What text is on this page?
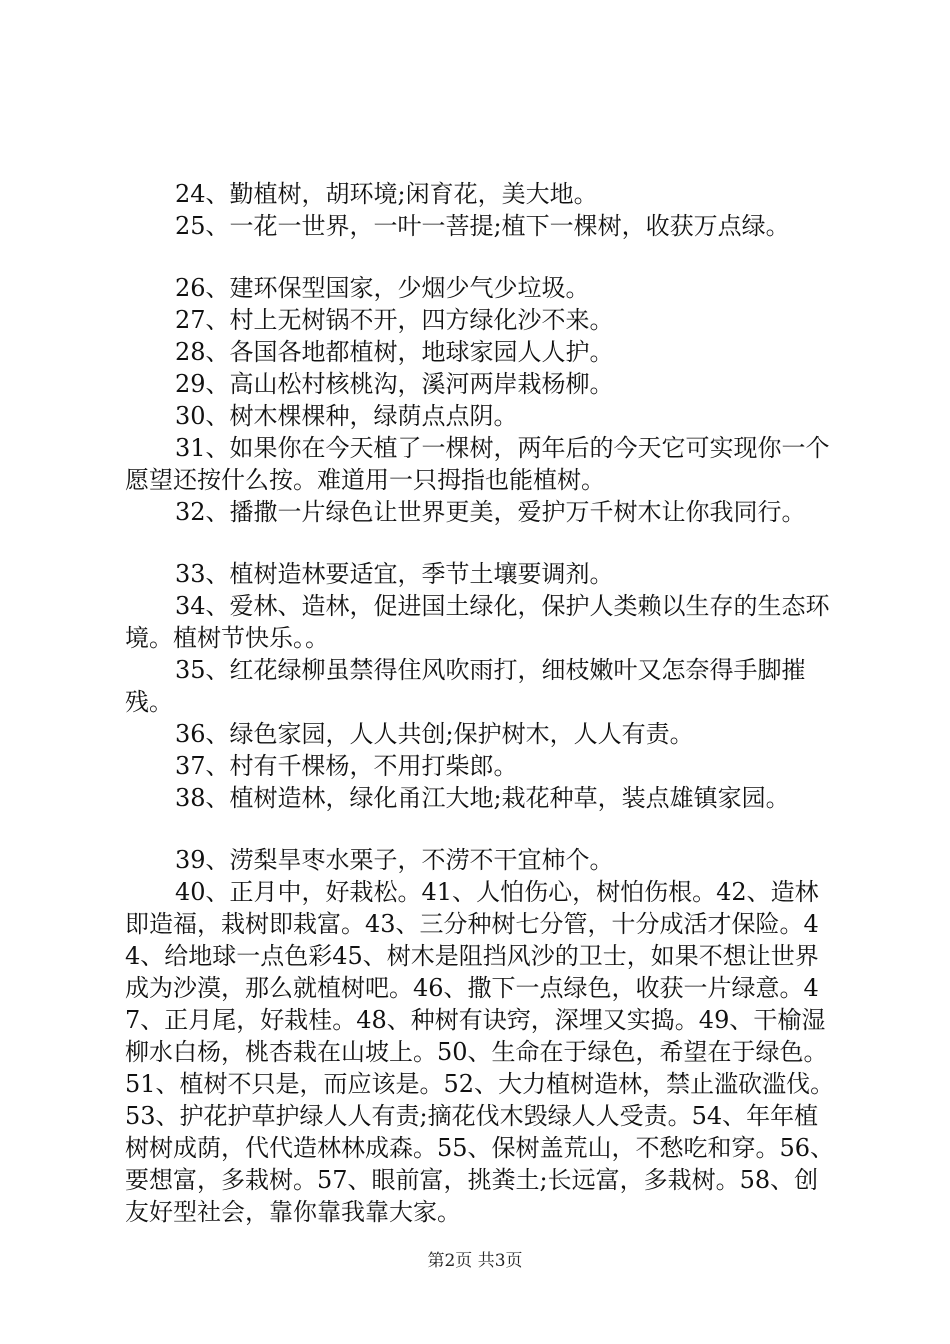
24、勤植树，胡环境;闲育花，美大地。

25、一花一世界，一叶一菩提;植下一棵树，收获万点绿。

26、建环保型国家，少烟少气少垃圾。

27、村上无树锅不开，四方绿化沙不来。

28、各国各地都植树，地球家园人人护。

29、高山松村核桃沟，溪河两岸栽杨柳。

30、树木棵棵种，绿荫点点阴。

31、如果你在今天植了一棵树，两年后的今天它可实现你一个愿望还按什么按。难道用一只拇指也能植树。

32、播撒一片绿色让世界更美，爱护万千树木让你我同行。

33、植树造林要适宜，季节土壤要调剂。

34、爱林、造林，促进国土绿化，保护人类赖以生存的生态环境。植树节快乐。。

35、红花绿柳虽禁得住风吹雨打，细枝嫩叶又怎奈得手脚摧残。

36、绿色家园，人人共创;保护树木，人人有责。

37、村有千棵杨，不用打柴郎。

38、植树造林，绿化甬江大地;栽花种草，装点雄镇家园。

39、涝梨旱枣水栗子，不涝不干宜柿个。

40、正月中，好栽松。41、人怕伤心，树怕伤根。42、造林即造福，栽树即栽富。43、三分种树七分管，十分成活才保险。44、给地球一点色彩45、树木是阻挡风沙的卫士，如果不想让世界成为沙漠，那么就植树吧。46、撒下一点绿色，收获一片绿意。47、正月尾，好栽桂。48、种树有诀窍，深埋又实捣。49、干榆湿柳水白杨，桃杏栽在山坡上。50、生命在于绿色，希望在于绿色。51、植树不只是，而应该是。52、大力植树造林，禁止滥砍滥伐。53、护花护草护绿人人有责;摘花伐木毁绿人人受责。54、年年植树树成荫，代代造林林成森。55、保树盖荒山，不愁吃和穿。56、要想富，多栽树。57、眼前富，挑粪土;长远富，多栽树。58、创友好型社会，靠你靠我靠大家。

第2页 共3页
